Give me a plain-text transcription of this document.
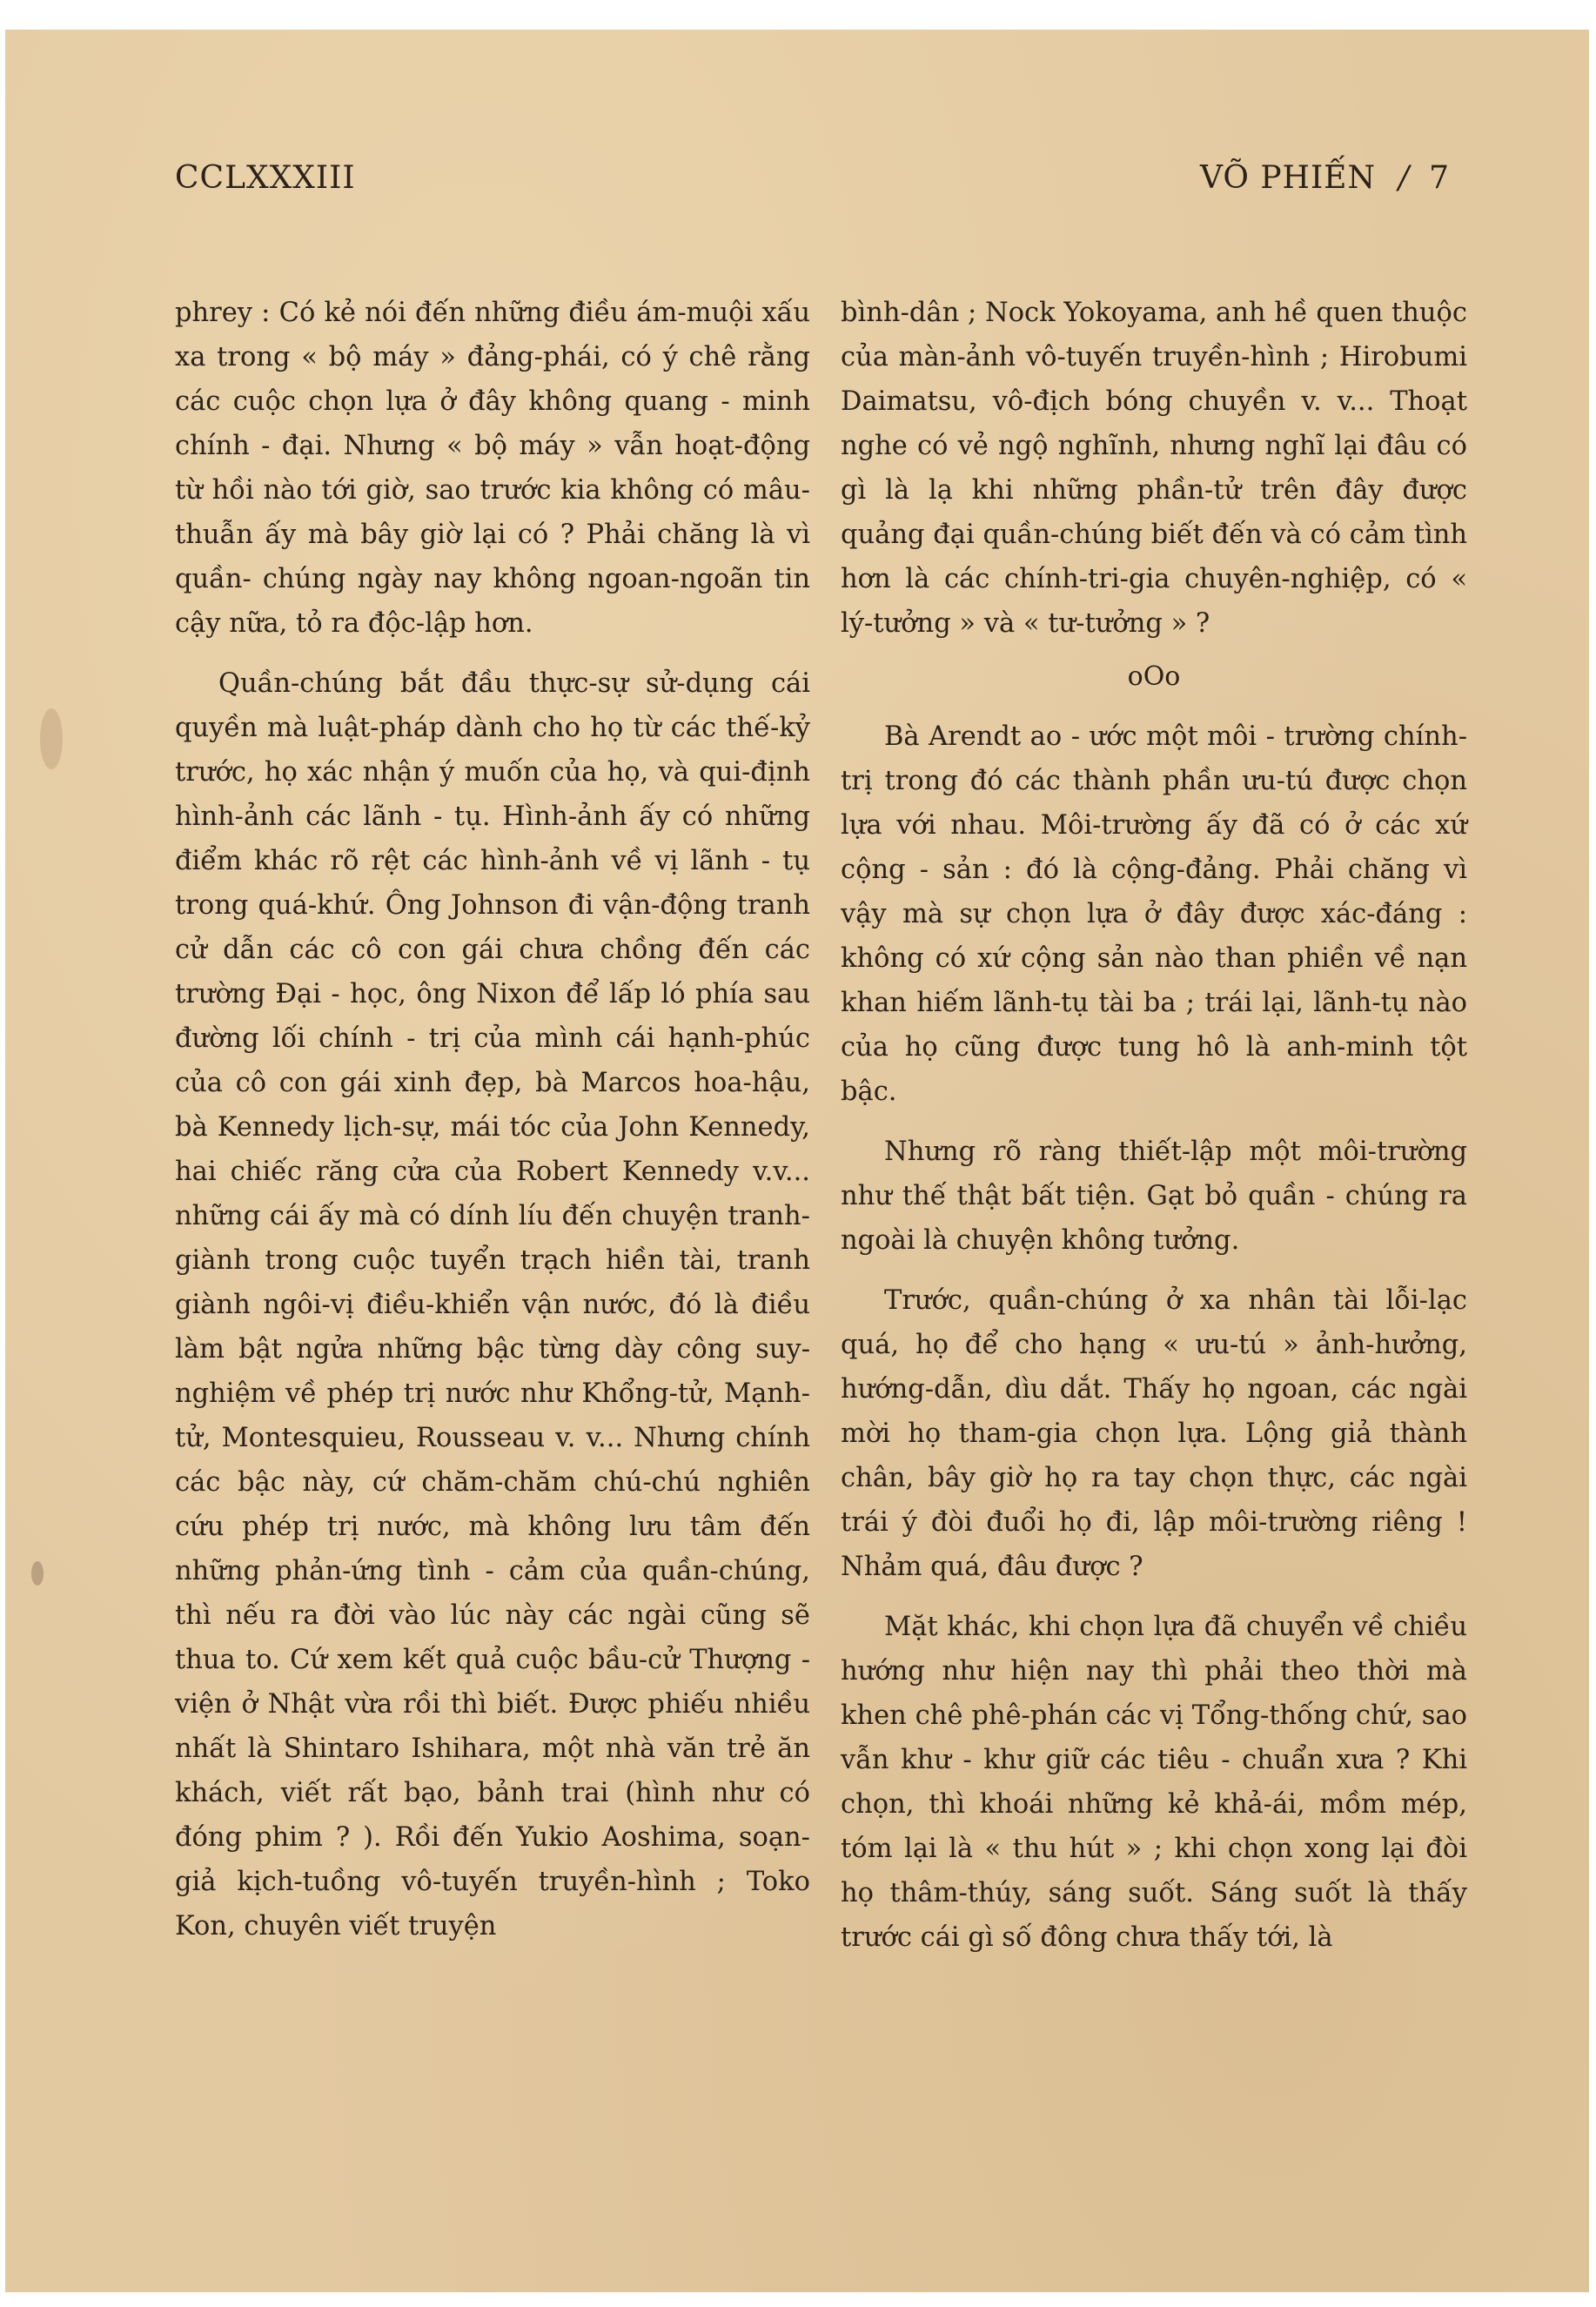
CCLXXXIII	VÕ PHIẾN / 7

phrey : Có kẻ nói đến những điều ám-muội xấu xa trong « bộ máy » đảng-phái, có ý chê rằng các cuộc chọn lựa ở đây không quang - minh chính - đại. Nhưng « bộ máy » vẫn hoạt-động từ hồi nào tới giờ, sao trước kia không có mâu-thuẫn ấy mà bây giờ lại có ? Phải chăng là vì quần- chúng ngày nay không ngoan-ngoãn tin cậy nữa, tỏ ra độc-lập hơn.

Quần-chúng bắt đầu thực-sự sử-dụng cái quyền mà luật-pháp dành cho họ từ các thế-kỷ trước, họ xác nhận ý muốn của họ, và qui-định hình-ảnh các lãnh - tụ. Hình-ảnh ấy có những điểm khác rõ rệt các hình-ảnh về vị lãnh - tụ trong quá-khứ. Ông Johnson đi vận-động tranh cử dẫn các cô con gái chưa chồng đến các trường Đại - học, ông Nixon để lấp ló phía sau đường lối chính - trị của mình cái hạnh-phúc của cô con gái xinh đẹp, bà Marcos hoa-hậu, bà Kennedy lịch-sự, mái tóc của John Kennedy, hai chiếc răng cửa của Robert Kennedy v.v... những cái ấy mà có dính líu đến chuyện tranh-giành trong cuộc tuyển trạch hiền tài, tranh giành ngôi-vị điều-khiển vận nước, đó là điều làm bật ngửa những bậc từng dày công suy-nghiệm về phép trị nước như Khổng-tử, Mạnh-tử, Montesquieu, Rousseau v. v... Nhưng chính các bậc này, cứ chăm-chăm chú-chú nghiên cứu phép trị nước, mà không lưu tâm đến những phản-ứng tình - cảm của quần-chúng, thì nếu ra đời vào lúc này các ngài cũng sẽ thua to. Cứ xem kết quả cuộc bầu-cử Thượng - viện ở Nhật vừa rồi thì biết. Được phiếu nhiều nhất là Shintaro Ishihara, một nhà văn trẻ ăn khách, viết rất bạo, bảnh trai (hình như có đóng phim ? ). Rồi đến Yukio Aoshima, soạn-giả kịch-tuồng vô-tuyến truyền-hình ; Toko Kon, chuyên viết truyện

bình-dân ; Nock Yokoyama, anh hề quen thuộc của màn-ảnh vô-tuyến truyền-hình ; Hirobumi Daimatsu, vô-địch bóng chuyền v. v... Thoạt nghe có vẻ ngộ nghĩnh, nhưng nghĩ lại đâu có gì là lạ khi những phần-tử trên đây được quảng đại quần-chúng biết đến và có cảm tình hơn là các chính-tri-gia chuyên-nghiệp, có « lý-tưởng » và « tư-tưởng » ?

oOo

Bà Arendt ao - ước một môi - trường chính-trị trong đó các thành phần ưu-tú được chọn lựa với nhau. Môi-trường ấy đã có ở các xứ cộng - sản : đó là cộng-đảng. Phải chăng vì vậy mà sự chọn lựa ở đây được xác-đáng : không có xứ cộng sản nào than phiền về nạn khan hiếm lãnh-tụ tài ba ; trái lại, lãnh-tụ nào của họ cũng được tung hô là anh-minh tột bậc.

Nhưng rõ ràng thiết-lập một môi-trường như thế thật bất tiện. Gạt bỏ quần - chúng ra ngoài là chuyện không tưởng.

Trước, quần-chúng ở xa nhân tài lỗi-lạc quá, họ để cho hạng « ưu-tú » ảnh-hưởng, hướng-dẫn, dìu dắt. Thấy họ ngoan, các ngài mời họ tham-gia chọn lựa. Lộng giả thành chân, bây giờ họ ra tay chọn thực, các ngài trái ý đòi đuổi họ đi, lập môi-trường riêng ! Nhảm quá, đâu được ?

Mặt khác, khi chọn lựa đã chuyển về chiều hướng như hiện nay thì phải theo thời mà khen chê phê-phán các vị Tổng-thống chứ, sao vẫn khư - khư giữ các tiêu - chuẩn xưa ? Khi chọn, thì khoái những kẻ khả-ái, mồm mép, tóm lại là « thu hút » ; khi chọn xong lại đòi họ thâm-thúy, sáng suốt. Sáng suốt là thấy trước cái gì số đông chưa thấy tới, là
